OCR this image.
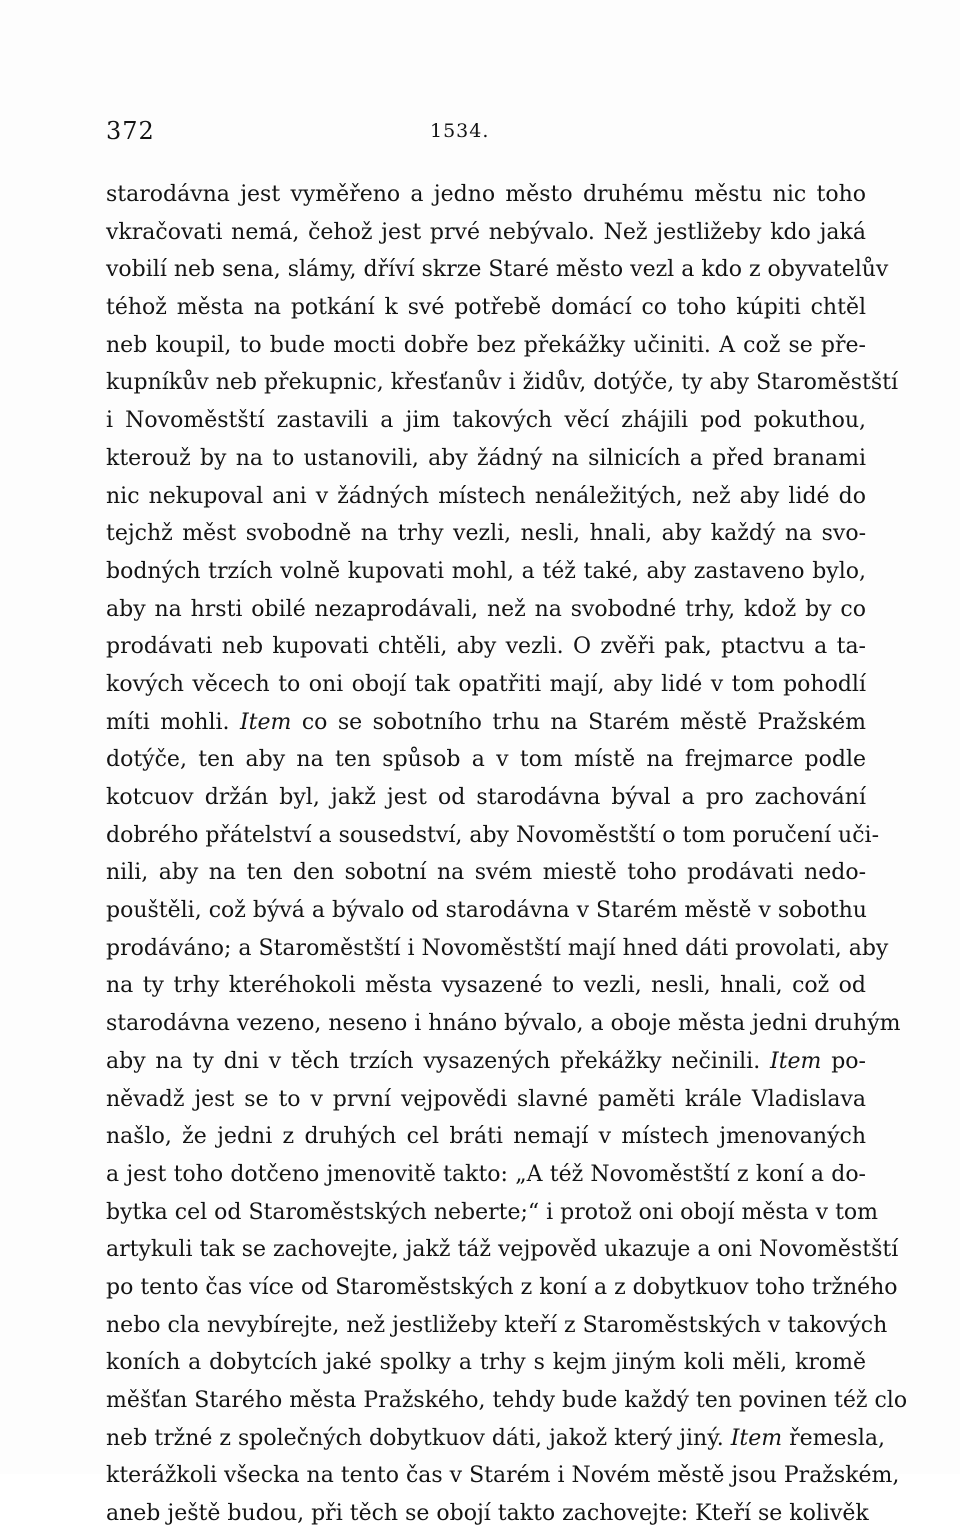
372	1534.
starodávna jest vyměřeno a jedno město druhému městu nic toho
vkračovati nemá, čehož jest prvé nebývalo. Než jestližeby kdo jaká
vobilí neb sena, slámy, dříví skrze Staré město vezl a kdo z obyvatelův
téhož města na potkání k své potřebě domácí co toho kúpiti chtěl
neb koupil, to bude mocti dobře bez překážky učiniti. A což se pře-
kupníkův neb překupnic, křesťanův i židův, dotýče, ty aby Staroměstští
i Novoměstští zastavili a jim takových věcí zhájili pod pokuthou,
kterouž by na to ustanovili, aby žádný na silnicích a před branami
nic nekupoval ani v žádných místech nenáležitých, než aby lidé do
tejchž měst svobodně na trhy vezli, nesli, hnali, aby každý na svo-
bodných trzích volně kupovati mohl, a též také, aby zastaveno bylo,
aby na hrsti obilé nezaprodávali, než na svobodné trhy, kdož by co
prodávati neb kupovati chtěli, aby vezli. O zvěři pak, ptactvu a ta-
kových věcech to oni obojí tak opatřiti mají, aby lidé v tom pohodlí
míti mohli. Item co se sobotního trhu na Starém městě Pražském
dotýče, ten aby na ten spůsob a v tom místě na frejmarce podle
kotcuov držán byl, jakž jest od starodávna býval a pro zachování
dobrého přátelství a sousedství, aby Novoměstští o tom poručení uči-
nili, aby na ten den sobotní na svém miestě toho prodávati nedo-
pouštěli, což bývá a bývalo od starodávna v Starém městě v sobothu
prodáváno; a Staroměstští i Novoměstští mají hned dáti provolati, aby
na ty trhy kteréhokoli města vysazené to vezli, nesli, hnali, což od
starodávna vezeno, neseno i hnáno bývalo, a oboje města jedni druhým
aby na ty dni v těch trzích vysazených překážky nečinili. Item po-
něvadž jest se to v první vejpovědi slavné paměti krále Vladislava
našlo, že jedni z druhých cel bráti nemají v místech jmenovaných
a jest toho dotčeno jmenovitě takto: „A též Novoměstští z koní a do-
bytka cel od Staroměstských neberte;“ i protož oni obojí města v tom
artykuli tak se zachovejte, jakž táž vejpověd ukazuje a oni Novoměstští
po tento čas více od Staroměstských z koní a z dobytkuov toho tržného
nebo cla nevybírejte, než jestližeby kteří z Staroměstských v takových
koních a dobytcích jaké spolky a trhy s kejm jiným koli měli, kromě
měšťan Starého města Pražského, tehdy bude každý ten povinen též clo
neb tržné z společných dobytkuov dáti, jakož který jiný. Item řemesla,
kterážkoli všecka na tento čas v Starém i Novém městě jsou Pražském,
aneb ještě budou, při těch se obojí takto zachovejte: Kteří se kolivěk
